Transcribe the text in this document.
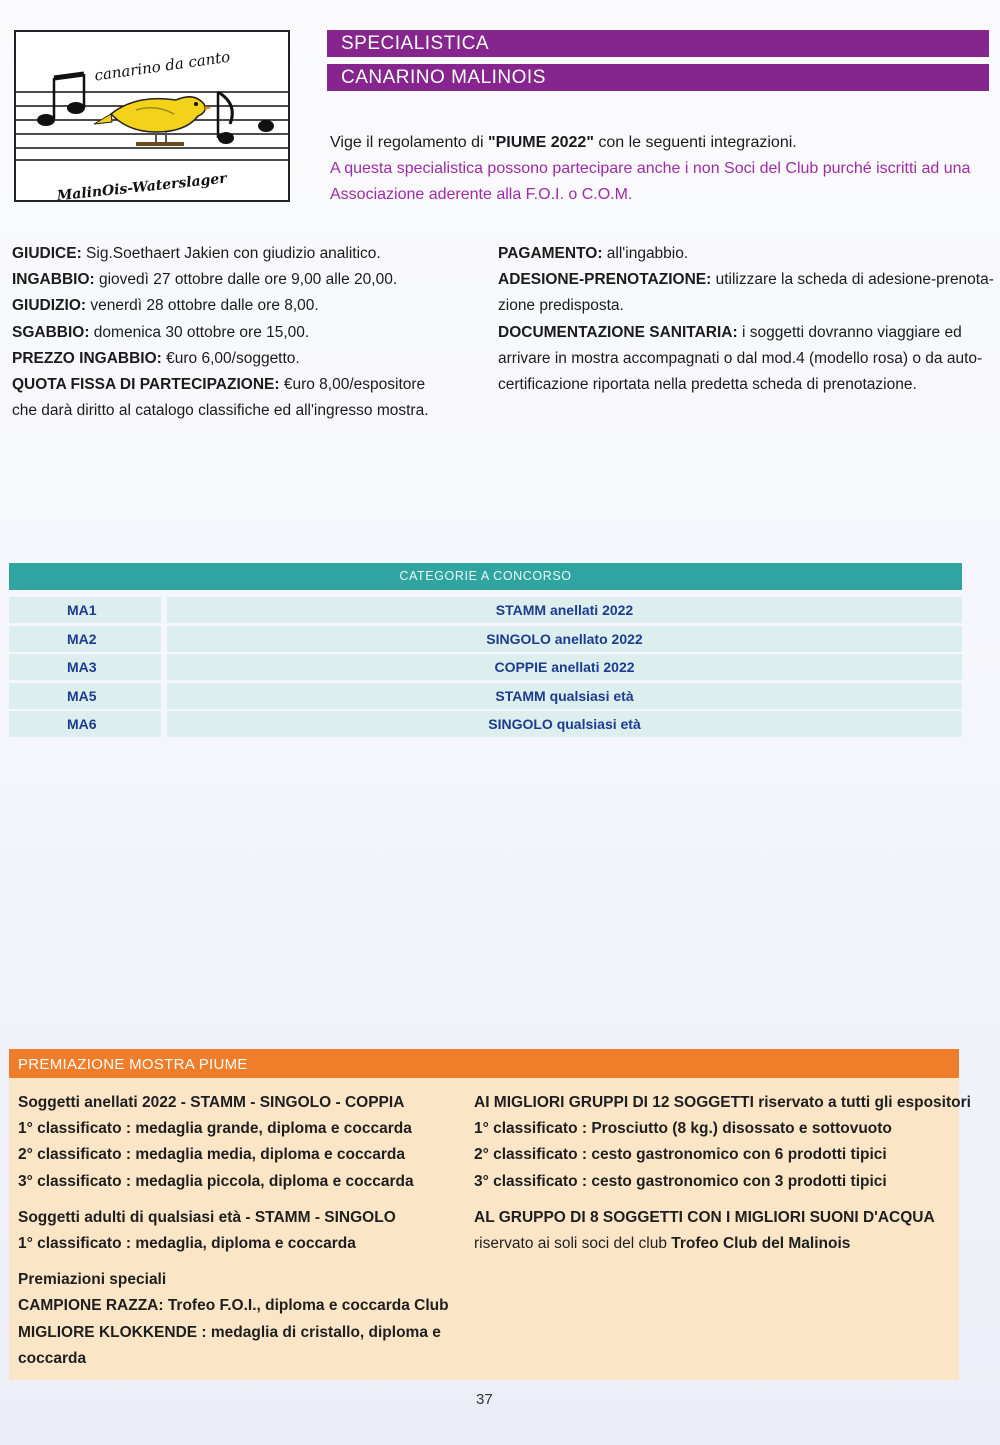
canarino da canto
MalinOis-Waterslager
SPECIALISTICA
CANARINO MALINOIS
Vige il regolamento di "PIUME 2022" con le seguenti integrazioni.
A questa specialistica possono partecipare anche i non Soci del Club purché iscritti ad una
Associazione aderente alla F.O.I. o C.O.M.
GIUDICE: Sig.Soethaert Jakien con giudizio analitico.
INGABBIO: giovedì 27 ottobre dalle ore 9,00 alle 20,00.
GIUDIZIO: venerdì 28 ottobre dalle ore 8,00.
SGABBIO: domenica 30 ottobre ore 15,00.
PREZZO INGABBIO: €uro 6,00/soggetto.
QUOTA FISSA DI PARTECIPAZIONE: €uro 8,00/espositore
che darà diritto al catalogo classifiche ed all'ingresso mostra.
PAGAMENTO: all'ingabbio.
ADESIONE-PRENOTAZIONE: utilizzare la scheda di adesione-prenota-
zione predisposta.
DOCUMENTAZIONE SANITARIA: i soggetti dovranno viaggiare ed
arrivare in mostra accompagnati o dal mod.4 (modello rosa) o da auto-
certificazione riportata nella predetta scheda di prenotazione.
CATEGORIE A CONCORSO
MA1	STAMM anellati 2022
MA2	SINGOLO anellato 2022
MA3	COPPIE anellati 2022
MA5	STAMM qualsiasi età
MA6	SINGOLO qualsiasi età
PREMIAZIONE MOSTRA PIUME
Soggetti anellati 2022 - STAMM - SINGOLO - COPPIA
1° classificato : medaglia grande, diploma e coccarda
2° classificato : medaglia media, diploma e coccarda
3° classificato : medaglia piccola, diploma e coccarda
Soggetti adulti di qualsiasi età - STAMM - SINGOLO
1° classificato : medaglia, diploma e coccarda
Premiazioni speciali
CAMPIONE RAZZA: Trofeo F.O.I., diploma e coccarda Club
MIGLIORE KLOKKENDE : medaglia di cristallo, diploma e
coccarda
AI MIGLIORI GRUPPI DI 12 SOGGETTI riservato a tutti gli espositori
1° classificato : Prosciutto (8 kg.) disossato e sottovuoto
2° classificato : cesto gastronomico con 6 prodotti tipici
3° classificato : cesto gastronomico con 3 prodotti tipici
AL GRUPPO DI 8 SOGGETTI CON I MIGLIORI SUONI D'ACQUA
riservato ai soli soci del club Trofeo Club del Malinois
37
